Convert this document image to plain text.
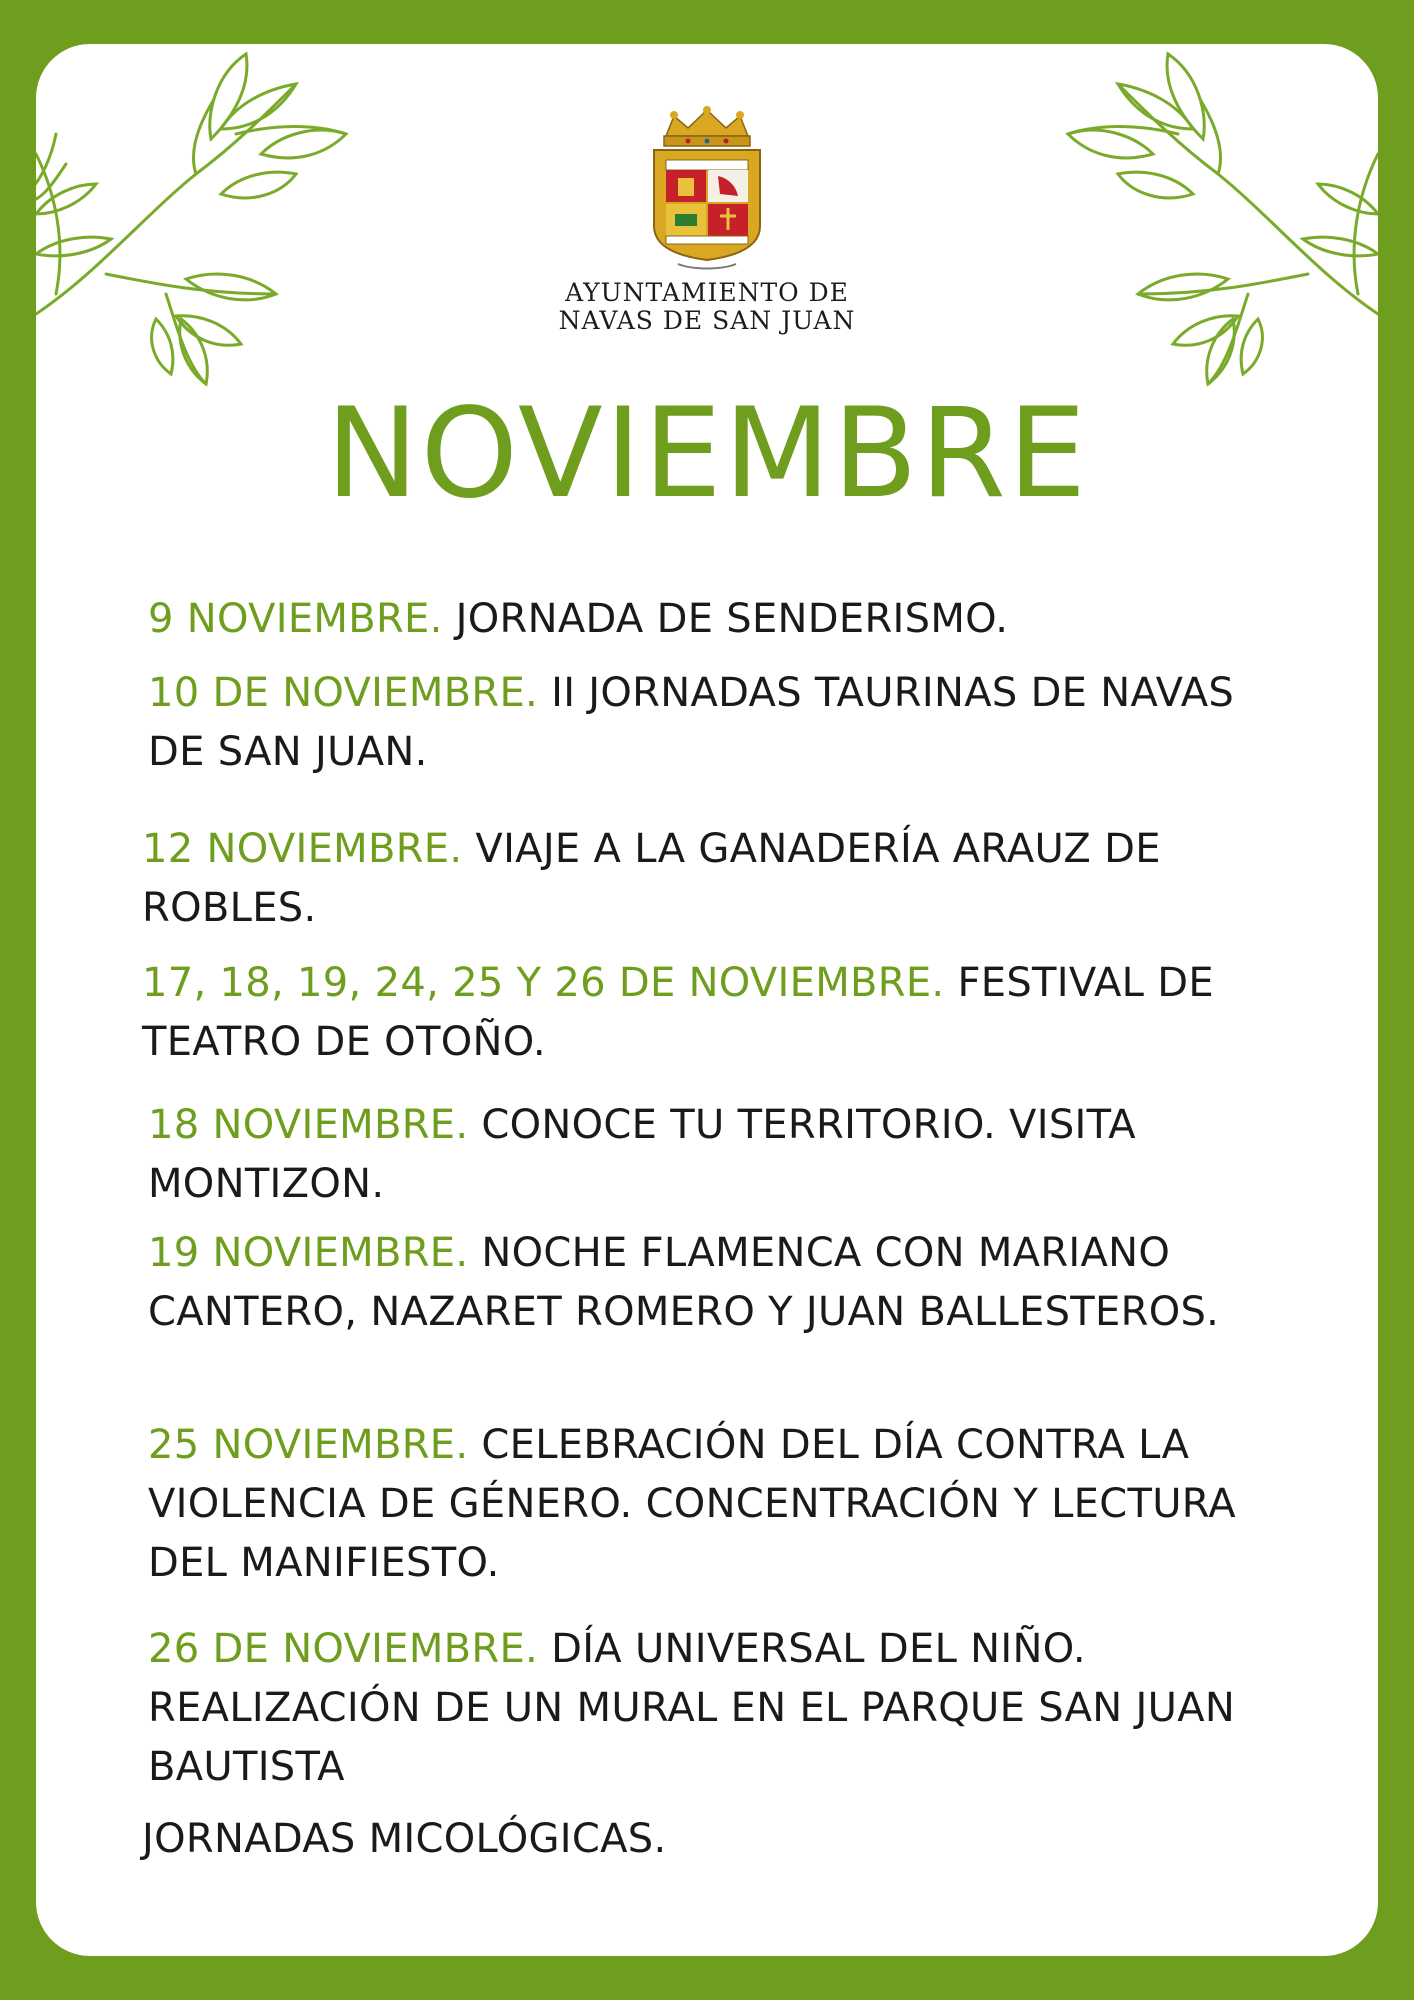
AYUNTAMIENTO DE
NAVAS DE SAN JUAN
NOVIEMBRE
9 NOVIEMBRE. JORNADA DE SENDERISMO.
10 DE NOVIEMBRE. II JORNADAS TAURINAS DE NAVAS DE SAN JUAN.
12 NOVIEMBRE. VIAJE A LA GANADERÍA ARAUZ DE ROBLES.
17, 18, 19, 24, 25 Y 26 DE NOVIEMBRE. FESTIVAL DE TEATRO DE OTOÑO.
18 NOVIEMBRE. CONOCE TU TERRITORIO. VISITA MONTIZON.
19 NOVIEMBRE. NOCHE FLAMENCA CON MARIANO CANTERO, NAZARET ROMERO Y JUAN BALLESTEROS.
25 NOVIEMBRE. CELEBRACIÓN DEL DÍA CONTRA LA VIOLENCIA DE GÉNERO. CONCENTRACIÓN Y LECTURA DEL MANIFIESTO.
26 DE NOVIEMBRE. DÍA UNIVERSAL DEL NIÑO. REALIZACIÓN DE UN MURAL EN EL PARQUE SAN JUAN BAUTISTA
JORNADAS MICOLÓGICAS.
